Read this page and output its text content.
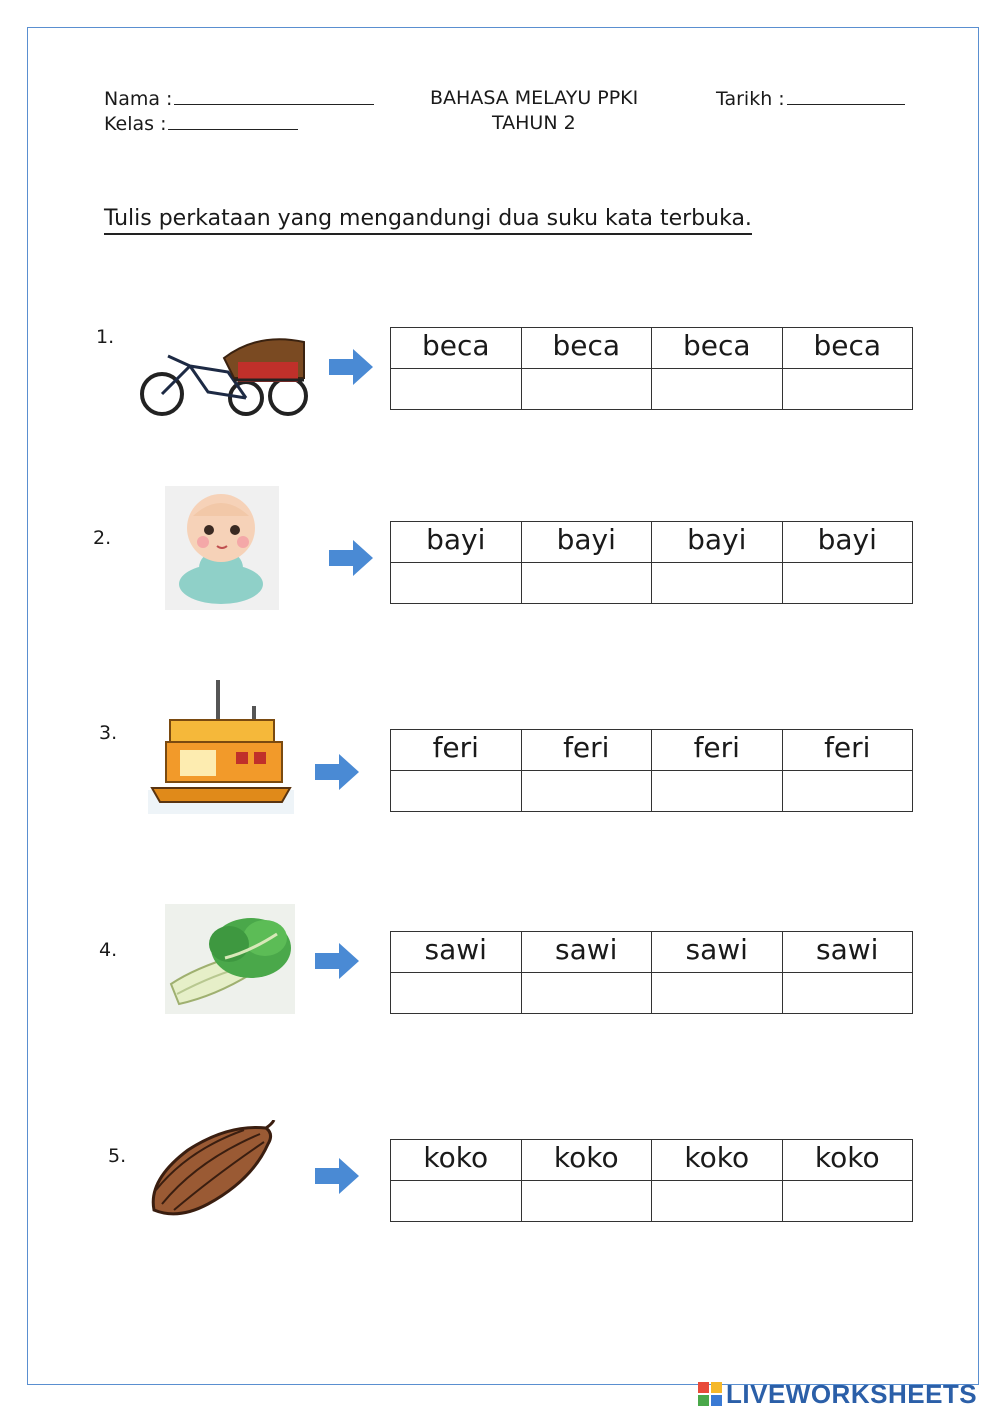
Nama :
Kelas :
BAHASA MELAYU PPKI
TAHUN 2
Tarikh :
Tulis perkataan yang mengandungi dua suku kata terbuka.
1.	beca	beca	beca	beca

2.	bayi	bayi	bayi	bayi

3.	feri	feri	feri	feri

4.	sawi	sawi	sawi	sawi

5.	koko	koko	koko	koko

LIVEWORKSHEETS
